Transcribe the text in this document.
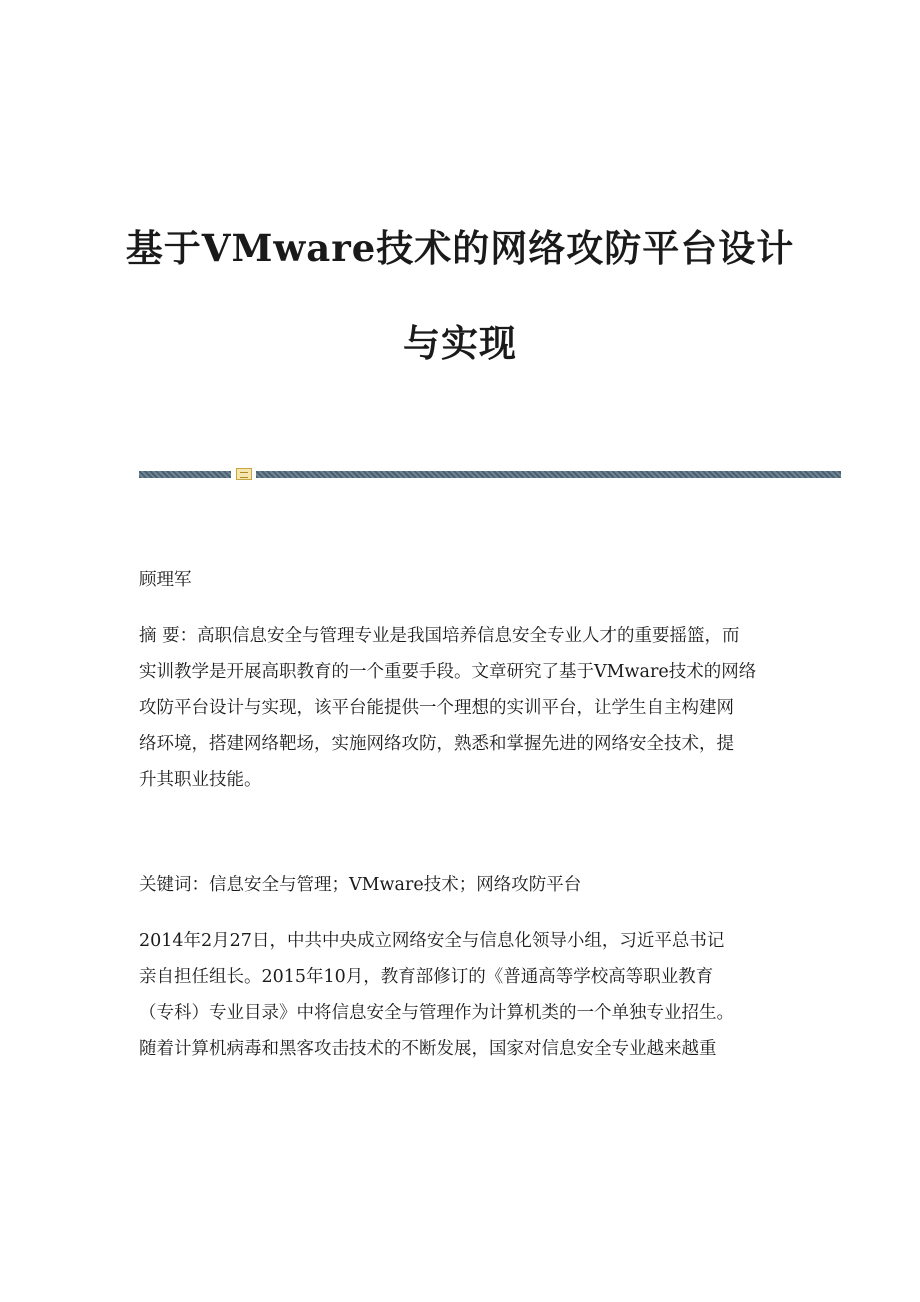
基于VMware技术的网络攻防平台设计
与实现

顾理军

摘 要：高职信息安全与管理专业是我国培养信息安全专业人才的重要摇篮，而
实训教学是开展高职教育的一个重要手段。文章研究了基于VMware技术的网络
攻防平台设计与实现，该平台能提供一个理想的实训平台，让学生自主构建网
络环境，搭建网络靶场，实施网络攻防，熟悉和掌握先进的网络安全技术，提
升其职业技能。

关键词：信息安全与管理；VMware技术；网络攻防平台

2014年2月27日，中共中央成立网络安全与信息化领导小组，习近平总书记
亲自担任组长。2015年10月，教育部修订的《普通高等学校高等职业教育
（专科）专业目录》中将信息安全与管理作为计算机类的一个单独专业招生。
随着计算机病毒和黑客攻击技术的不断发展，国家对信息安全专业越来越重
